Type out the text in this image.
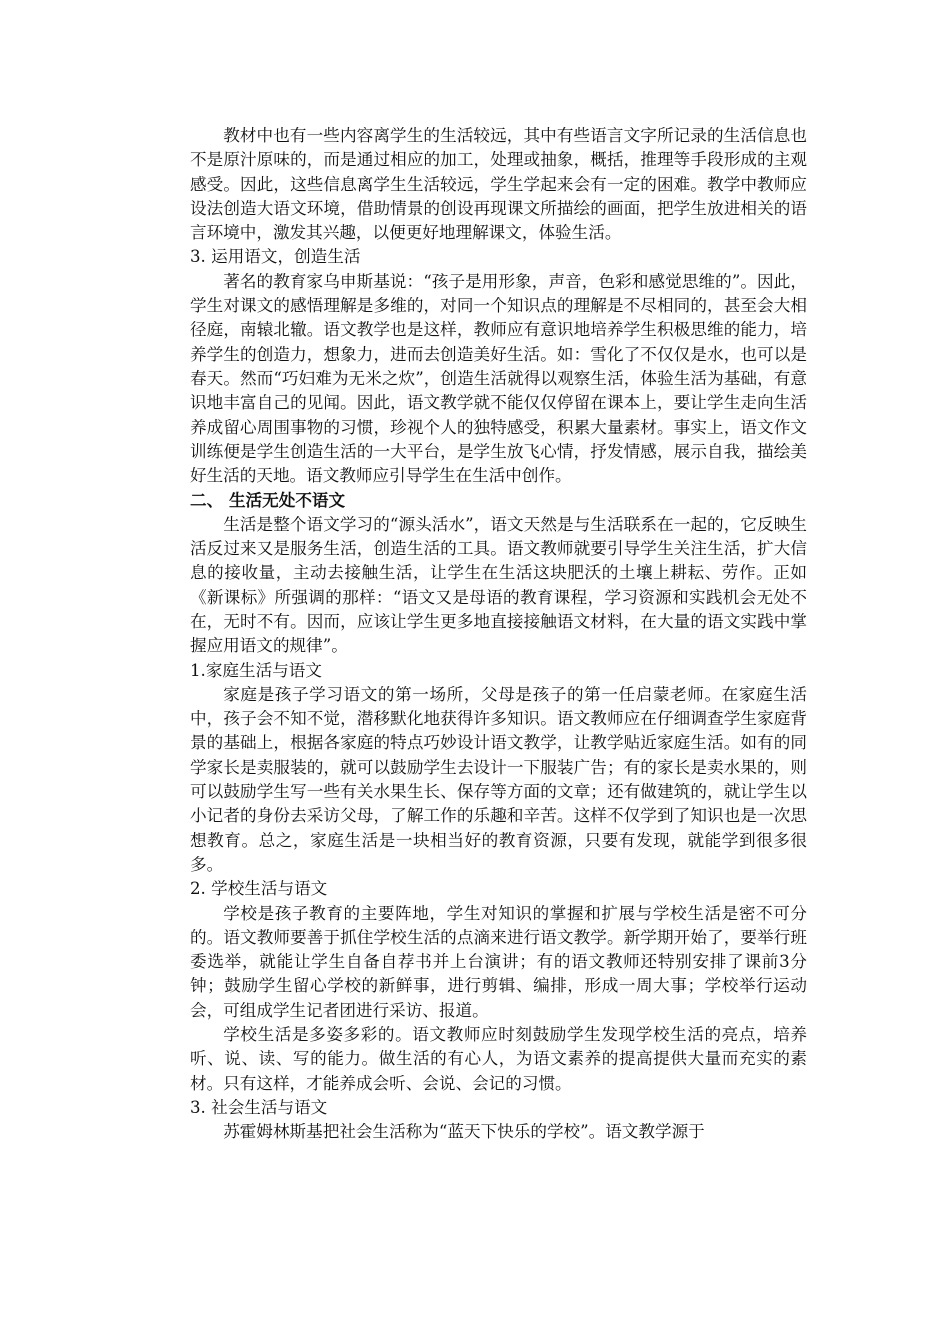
教材中也有一些内容离学生的生活较远，其中有些语言文字所记录的生活信息也不是原汁原味的，而是通过相应的加工，处理或抽象，概括，推理等手段形成的主观感受。因此，这些信息离学生生活较远，学生学起来会有一定的困难。教学中教师应设法创造大语文环境，借助情景的创设再现课文所描绘的画面，把学生放进相关的语言环境中，激发其兴趣，以便更好地理解课文，体验生活。

3. 运用语文，创造生活

著名的教育家乌申斯基说：“孩子是用形象，声音，色彩和感觉思维的”。因此，学生对课文的感悟理解是多维的，对同一个知识点的理解是不尽相同的，甚至会大相径庭，南辕北辙。语文教学也是这样，教师应有意识地培养学生积极思维的能力，培养学生的创造力，想象力，进而去创造美好生活。如：雪化了不仅仅是水，也可以是春天。然而“巧妇难为无米之炊”，创造生活就得以观察生活，体验生活为基础，有意识地丰富自己的见闻。因此，语文教学就不能仅仅停留在课本上，要让学生走向生活养成留心周围事物的习惯，珍视个人的独特感受，积累大量素材。事实上，语文作文训练便是学生创造生活的一大平台，是学生放飞心情，抒发情感，展示自我，描绘美好生活的天地。语文教师应引导学生在生活中创作。

二、 生活无处不语文

生活是整个语文学习的“源头活水”，语文天然是与生活联系在一起的，它反映生活反过来又是服务生活，创造生活的工具。语文教师就要引导学生关注生活，扩大信息的接收量，主动去接触生活，让学生在生活这块肥沃的土壤上耕耘、劳作。正如《新课标》所强调的那样：“语文又是母语的教育课程，学习资源和实践机会无处不在，无时不有。因而，应该让学生更多地直接接触语文材料，在大量的语文实践中掌握应用语文的规律”。

1.家庭生活与语文

家庭是孩子学习语文的第一场所，父母是孩子的第一任启蒙老师。在家庭生活中，孩子会不知不觉，潜移默化地获得许多知识。语文教师应在仔细调查学生家庭背景的基础上，根据各家庭的特点巧妙设计语文教学，让教学贴近家庭生活。如有的同学家长是卖服装的，就可以鼓励学生去设计一下服装广告；有的家长是卖水果的，则可以鼓励学生写一些有关水果生长、保存等方面的文章；还有做建筑的，就让学生以小记者的身份去采访父母，了解工作的乐趣和辛苦。这样不仅学到了知识也是一次思想教育。总之，家庭生活是一块相当好的教育资源，只要有发现，就能学到很多很多。

2. 学校生活与语文

学校是孩子教育的主要阵地，学生对知识的掌握和扩展与学校生活是密不可分的。语文教师要善于抓住学校生活的点滴来进行语文教学。新学期开始了，要举行班委选举，就能让学生自备自荐书并上台演讲；有的语文教师还特别安排了课前3分钟；鼓励学生留心学校的新鲜事，进行剪辑、编排，形成一周大事；学校举行运动会，可组成学生记者团进行采访、报道。

学校生活是多姿多彩的。语文教师应时刻鼓励学生发现学校生活的亮点，培养听、说、读、写的能力。做生活的有心人，为语文素养的提高提供大量而充实的素材。只有这样，才能养成会听、会说、会记的习惯。

3. 社会生活与语文

苏霍姆林斯基把社会生活称为“蓝天下快乐的学校”。语文教学源于
